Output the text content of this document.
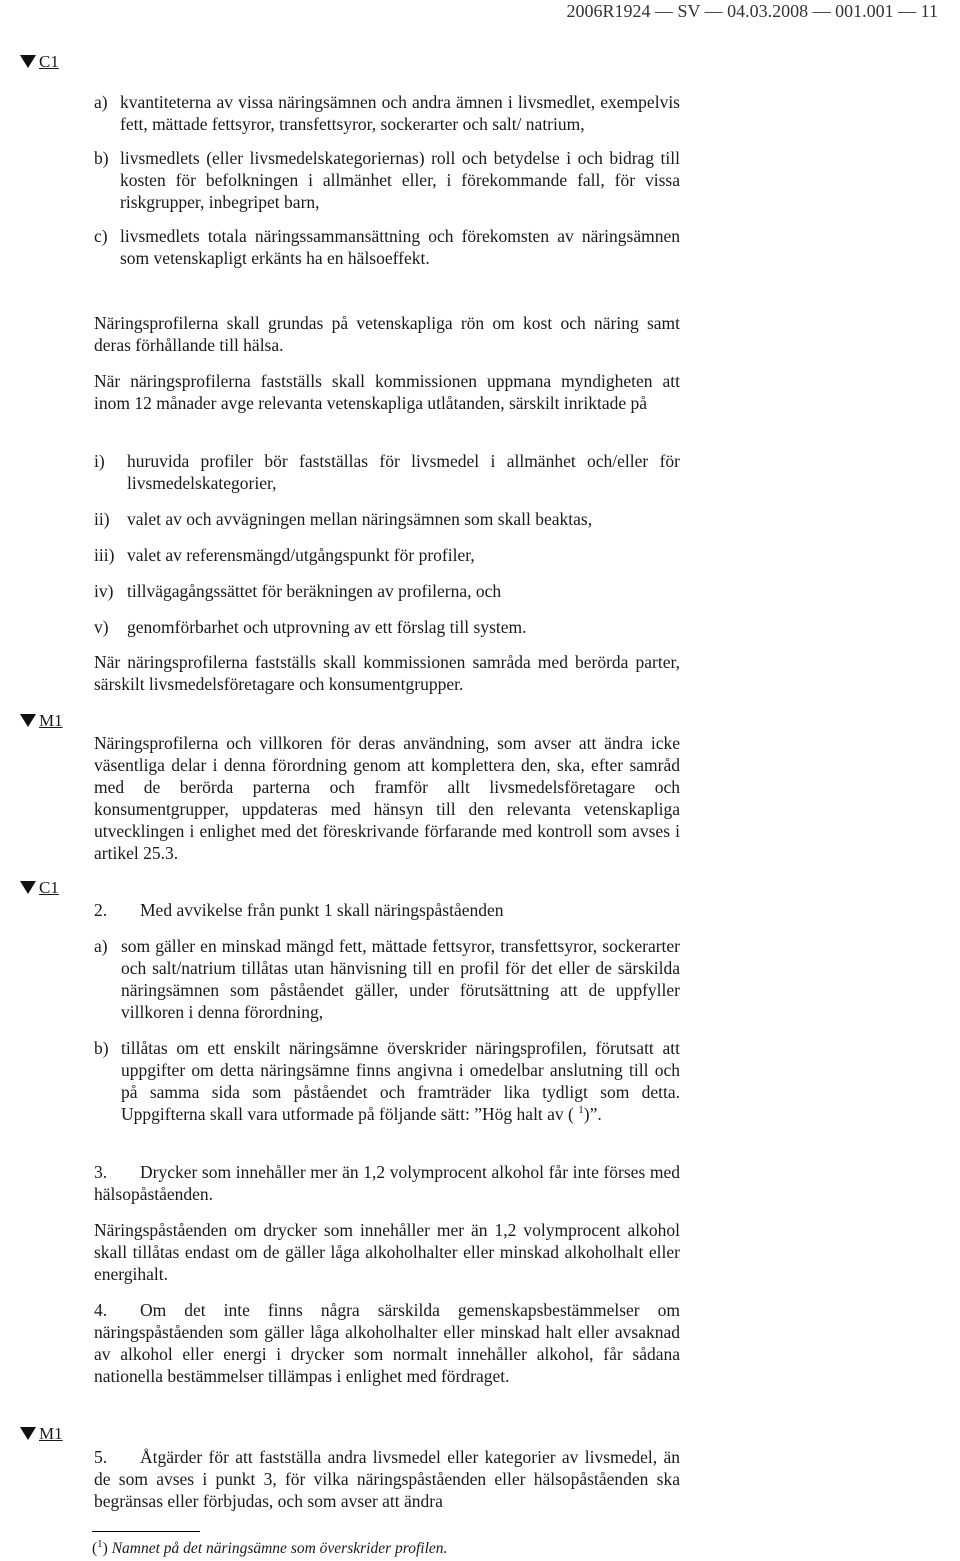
2006R1924 — SV — 04.03.2008 — 001.001 — 11
C1
M1
C1
M1
a) kvantiteterna av vissa näringsämnen och andra ämnen i livsmedlet, exempelvis fett, mättade fettsyror, transfettsyror, sockerarter och salt/ natrium,
b) livsmedlets (eller livsmedelskategoriernas) roll och betydelse i och bidrag till kosten för befolkningen i allmänhet eller, i förekommande fall, för vissa riskgrupper, inbegripet barn,
c) livsmedlets totala näringssammansättning och förekomsten av näringsämnen som vetenskapligt erkänts ha en hälsoeffekt.
Näringsprofilerna skall grundas på vetenskapliga rön om kost och näring samt deras förhållande till hälsa.
När näringsprofilerna fastställs skall kommissionen uppmana myndigheten att inom 12 månader avge relevanta vetenskapliga utlåtanden, särskilt inriktade på
i)	huruvida profiler bör fastställas för livsmedel i allmänhet och/eller för livsmedelskategorier,
ii) valet av och avvägningen mellan näringsämnen som skall beaktas,
iii) valet av referensmängd/utgångspunkt för profiler,
iv) tillvägagångssättet för beräkningen av profilerna, och
v)	genomförbarhet och utprovning av ett förslag till system.
När näringsprofilerna fastställs skall kommissionen samråda med berörda parter, särskilt livsmedelsföretagare och konsumentgrupper.
Näringsprofilerna och villkoren för deras användning, som avser att ändra icke väsentliga delar i denna förordning genom att komplettera den, ska, efter samråd med de berörda parterna och framför allt livsmedelsföretagare och konsumentgrupper, uppdateras med hänsyn till den relevanta vetenskapliga utvecklingen i enlighet med det föreskrivande förfarande med kontroll som avses i artikel 25.3.
2. Med avvikelse från punkt 1 skall näringspåståenden
a) som gäller en minskad mängd fett, mättade fettsyror, transfettsyror, sockerarter och salt/natrium tillåtas utan hänvisning till en profil för det eller de särskilda näringsämnen som påståendet gäller, under förutsättning att de uppfyller villkoren i denna förordning,
b) tillåtas om ett enskilt näringsämne överskrider näringsprofilen, förutsatt att uppgifter om detta näringsämne finns angivna i omedelbar anslutning till och på samma sida som påståendet och framträder lika tydligt som detta. Uppgifterna skall vara utformade på följande sätt: ”Hög halt av ( $^1$)”.
3. Drycker som innehåller mer än 1,2 volymprocent alkohol får inte förses med hälsopåståenden.
Näringspåståenden om drycker som innehåller mer än 1,2 volymprocent alkohol skall tillåtas endast om de gäller låga alkoholhalter eller minskad alkoholhalt eller energihalt.
4. Om det inte finns några särskilda gemenskapsbestämmelser om näringspåståenden som gäller låga alkoholhalter eller minskad halt eller avsaknad av alkohol eller energi i drycker som normalt innehåller alkohol, får sådana nationella bestämmelser tillämpas i enlighet med fördraget.
5. Åtgärder för att fastställa andra livsmedel eller kategorier av livsmedel, än de som avses i punkt 3, för vilka näringspåståenden eller hälsopåståenden ska begränsas eller förbjudas, och som avser att ändra
($^1$) Namnet på det näringsämne som överskrider profilen.
